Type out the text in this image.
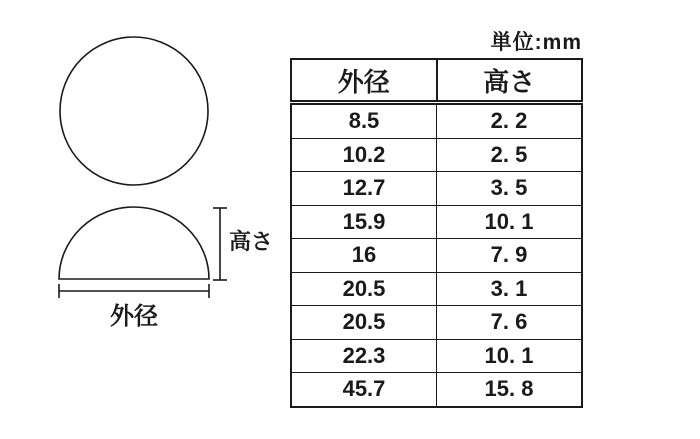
高さ
外径
単位:mm
外径	高さ
8.5	2. 2
10.2	2. 5
12.7	3. 5
15.9	10. 1
16	7. 9
20.5	3. 1
20.5	7. 6
22.3	10. 1
45.7	15. 8
